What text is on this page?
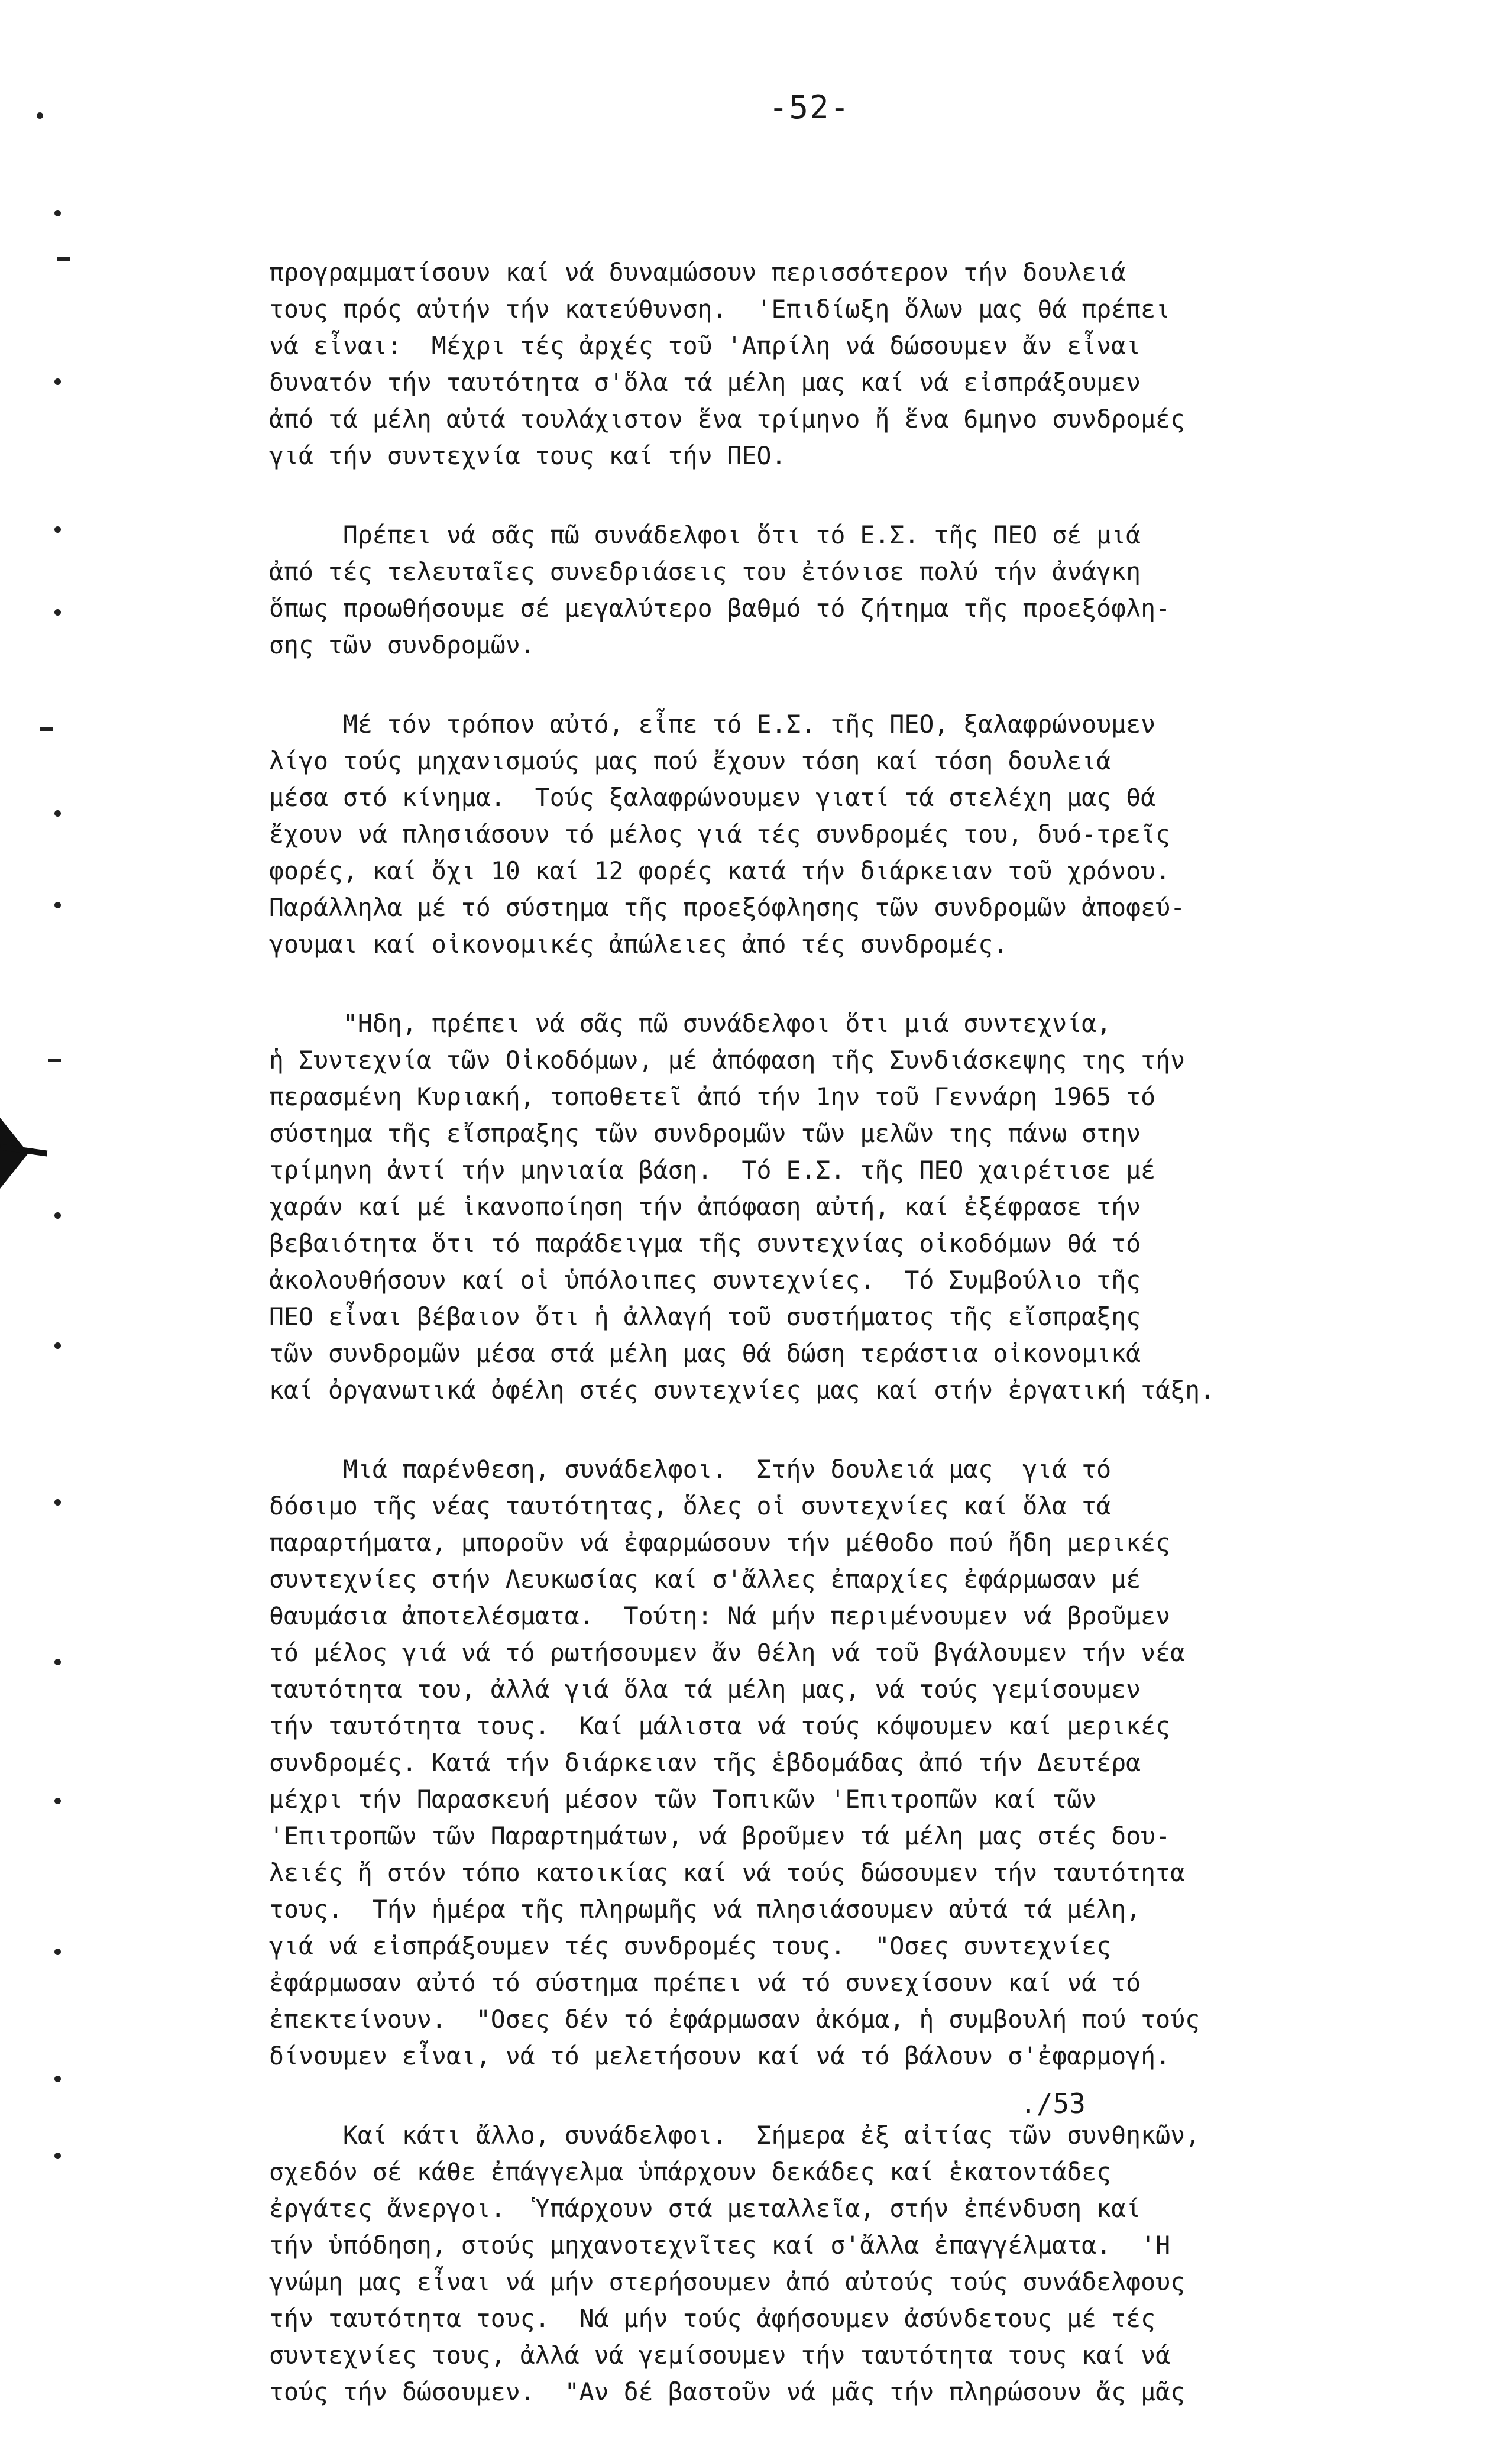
-52-
προγραμματίσουν καί νά δυναμώσουν περισσότερον τήν δουλειά
τους πρός αὐτήν τήν κατεύθυνση.  'Επιδίωξη ὅλων μας θά πρέπει
νά εἶναι:  Μέχρι τές ἀρχές τοῦ 'Απρίλη νά δώσουμεν ἄν εἶναι
δυνατόν τήν ταυτότητα σ'ὅλα τά μέλη μας καί νά εἰσπράξουμεν
ἀπό τά μέλη αὐτά τουλάχιστον ἕνα τρίμηνο ἤ ἕνα 6μηνο συνδρομές
γιά τήν συντεχνία τους καί τήν ΠΕΟ.
Πρέπει νά σᾶς πῶ συνάδελφοι ὅτι τό Ε.Σ. τῆς ΠΕΟ σέ μιά
ἀπό τές τελευταῖες συνεδριάσεις του ἐτόνισε πολύ τήν ἀνάγκη
ὅπως προωθήσουμε σέ μεγαλύτερο βαθμό τό ζήτημα τῆς προεξόφλη-
σης τῶν συνδρομῶν.
Μέ τόν τρόπον αὐτό, εἶπε τό Ε.Σ. τῆς ΠΕΟ, ξαλαφρώνουμεν
λίγο τούς μηχανισμούς μας πού ἔχουν τόση καί τόση δουλειά
μέσα στό κίνημα.  Τούς ξαλαφρώνουμεν γιατί τά στελέχη μας θά
ἔχουν νά πλησιάσουν τό μέλος γιά τές συνδρομές του, δυό-τρεῖς
φορές, καί ὄχι 10 καί 12 φορές κατά τήν διάρκειαν τοῦ χρόνου.
Παράλληλα μέ τό σύστημα τῆς προεξόφλησης τῶν συνδρομῶν ἀποφεύ-
γουμαι καί οἰκονομικές ἀπώλειες ἀπό τές συνδρομές.
"Ηδη, πρέπει νά σᾶς πῶ συνάδελφοι ὅτι μιά συντεχνία,
ἡ Συντεχνία τῶν Οἰκοδόμων, μέ ἀπόφαση τῆς Συνδιάσκεψης της τήν
περασμένη Κυριακή, τοποθετεῖ ἀπό τήν 1ην τοῦ Γεννάρη 1965 τό
σύστημα τῆς εἴσπραξης τῶν συνδρομῶν τῶν μελῶν της πάνω στην
τρίμηνη ἀντί τήν μηνιαία βάση.  Τό Ε.Σ. τῆς ΠΕΟ χαιρέτισε μέ
χαράν καί μέ ἱκανοποίηση τήν ἀπόφαση αὐτή, καί ἐξέφρασε τήν
βεβαιότητα ὅτι τό παράδειγμα τῆς συντεχνίας οἰκοδόμων θά τό
ἀκολουθήσουν καί οἱ ὑπόλοιπες συντεχνίες.  Τό Συμβούλιο τῆς
ΠΕΟ εἶναι βέβαιον ὅτι ἡ ἀλλαγή τοῦ συστήματος τῆς εἴσπραξης
τῶν συνδρομῶν μέσα στά μέλη μας θά δώση τεράστια οἰκονομικά
καί ὀργανωτικά ὀφέλη στές συντεχνίες μας καί στήν ἐργατική τάξη.
Μιά παρένθεση, συνάδελφοι.  Στήν δουλειά μας  γιά τό
δόσιμο τῆς νέας ταυτότητας, ὅλες οἱ συντεχνίες καί ὅλα τά
παραρτήματα, μποροῦν νά ἐφαρμώσουν τήν μέθοδο πού ἤδη μερικές
συντεχνίες στήν Λευκωσίας καί σ'ἄλλες ἐπαρχίες ἐφάρμωσαν μέ
θαυμάσια ἀποτελέσματα.  Τούτη: Νά μήν περιμένουμεν νά βροῦμεν
τό μέλος γιά νά τό ρωτήσουμεν ἄν θέλη νά τοῦ βγάλουμεν τήν νέα
ταυτότητα του, ἀλλά γιά ὅλα τά μέλη μας, νά τούς γεμίσουμεν
τήν ταυτότητα τους.  Καί μάλιστα νά τούς κόψουμεν καί μερικές
συνδρομές. Κατά τήν διάρκειαν τῆς ἑβδομάδας ἀπό τήν Δευτέρα
μέχρι τήν Παρασκευή μέσον τῶν Τοπικῶν 'Επιτροπῶν καί τῶν
'Επιτροπῶν τῶν Παραρτημάτων, νά βροῦμεν τά μέλη μας στές δου-
λειές ἤ στόν τόπο κατοικίας καί νά τούς δώσουμεν τήν ταυτότητα
τους.  Τήν ἡμέρα τῆς πληρωμῆς νά πλησιάσουμεν αὐτά τά μέλη,
γιά νά εἰσπράξουμεν τές συνδρομές τους.  "Οσες συντεχνίες
ἐφάρμωσαν αὐτό τό σύστημα πρέπει νά τό συνεχίσουν καί νά τό
ἐπεκτείνουν.  "Οσες δέν τό ἐφάρμωσαν ἀκόμα, ἡ συμβουλή πού τούς
δίνουμεν εἶναι, νά τό μελετήσουν καί νά τό βάλουν σ'ἐφαρμογή.
Καί κάτι ἄλλο, συνάδελφοι.  Σήμερα ἐξ αἰτίας τῶν συνθηκῶν,
σχεδόν σέ κάθε ἐπάγγελμα ὑπάρχουν δεκάδες καί ἑκατοντάδες
ἐργάτες ἄνεργοι.  Ὑπάρχουν στά μεταλλεῖα, στήν ἐπένδυση καί
τήν ὑπόδηση, στούς μηχανοτεχνῖτες καί σ'ἄλλα ἐπαγγέλματα.  'Η
γνώμη μας εἶναι νά μήν στερήσουμεν ἀπό αὐτούς τούς συνάδελφους
τήν ταυτότητα τους.  Νά μήν τούς ἀφήσουμεν ἀσύνδετους μέ τές
συντεχνίες τους, ἀλλά νά γεμίσουμεν τήν ταυτότητα τους καί νά
τούς τήν δώσουμεν.  "Αν δέ βαστοῦν νά μᾶς τήν πληρώσουν ἄς μᾶς
./53
